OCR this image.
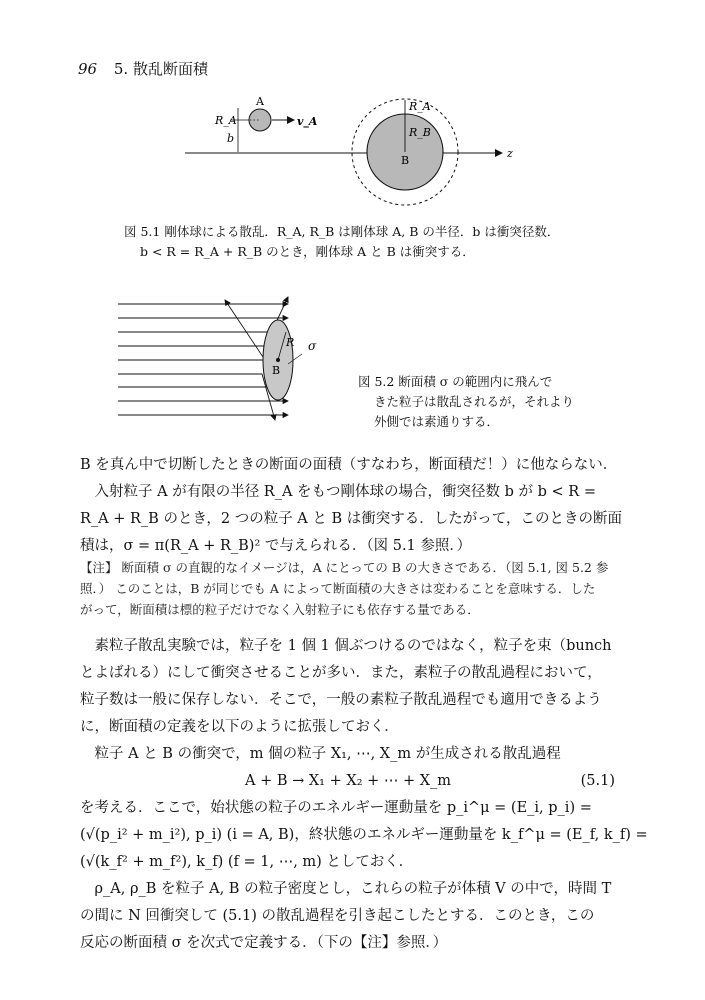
96 5. 散乱断面積
R_A
A
v_A
b
R_A
R_B
B
z
図 5.1 剛体球による散乱．R_A, R_B は剛体球 A, B の半径．b は衝突径数．
b < R = R_A + R_B のとき，剛体球 A と B は衝突する．
R σ
B
図 5.2 断面積 σ の範囲内に飛んで
きた粒子は散乱されるが，それより
外側では素通りする．
B を真ん中で切断したときの断面の面積（すなわち，断面積だ！）に他ならない．
　入射粒子 A が有限の半径 R_A をもつ剛体球の場合，衝突径数 b が b < R =
R_A + R_B のとき，2 つの粒子 A と B は衝突する．したがって，このときの断面
積は，σ = π(R_A + R_B)² で与えられる．（図 5.1 参照．）
【注】 断面積 σ の直観的なイメージは，A にとっての B の大きさである．（図 5.1, 図 5.2 参
照．） このことは，B が同じでも A によって断面積の大きさは変わることを意味する．した
がって，断面積は標的粒子だけでなく入射粒子にも依存する量である．
　素粒子散乱実験では，粒子を 1 個 1 個ぶつけるのではなく，粒子を束（bunch
とよばれる）にして衝突させることが多い．また，素粒子の散乱過程において，
粒子数は一般に保存しない．そこで，一般の素粒子散乱過程でも適用できるよう
に，断面積の定義を以下のように拡張しておく．
　粒子 A と B の衝突で，m 個の粒子 X₁, ⋯, X_m が生成される散乱過程
A + B → X₁ + X₂ + ⋯ + X_m	(5.1)
を考える．ここで，始状態の粒子のエネルギー運動量を p_i^μ = (E_i, p_i) =
(√(p_i² + m_i²), p_i) (i = A, B)，終状態のエネルギー運動量を k_f^μ = (E_f, k_f) =
(√(k_f² + m_f²), k_f) (f = 1, ⋯, m) としておく．
　ρ_A, ρ_B を粒子 A, B の粒子密度とし，これらの粒子が体積 V の中で，時間 T
の間に N 回衝突して (5.1) の散乱過程を引き起こしたとする．このとき，この
反応の断面積 σ を次式で定義する．（下の【注】参照．）
